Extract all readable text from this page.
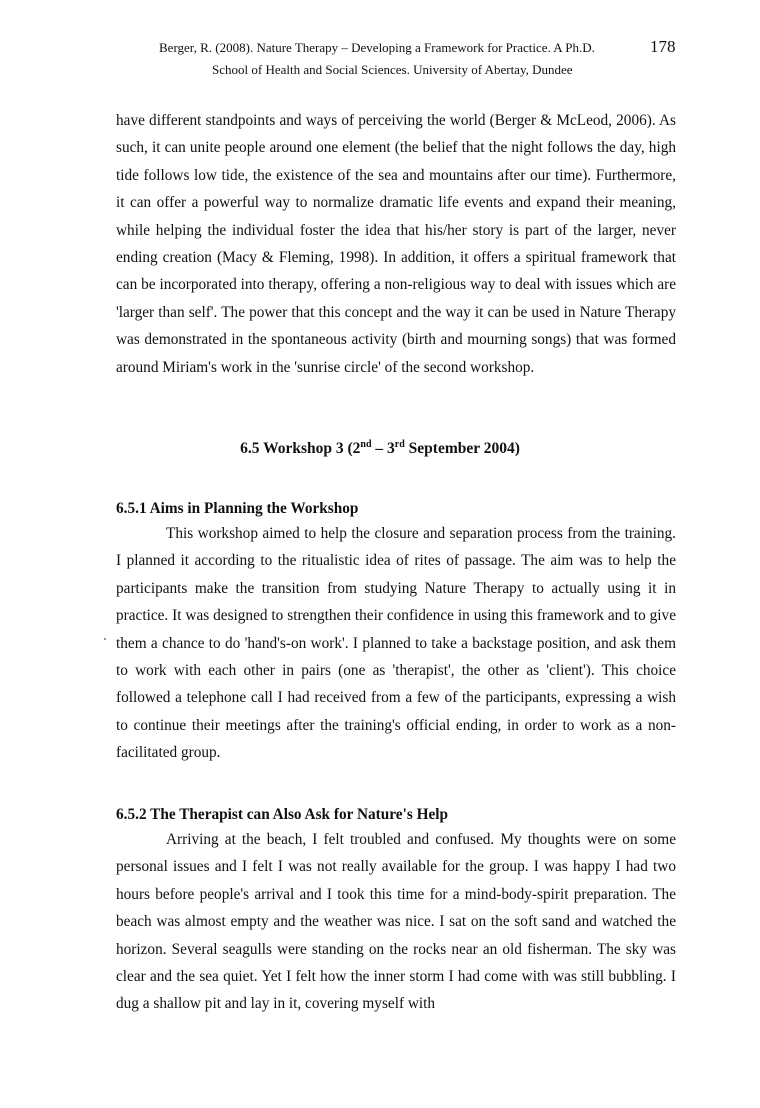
Berger, R. (2008). Nature Therapy – Developing a Framework for Practice. A Ph.D.	178
School of Health and Social Sciences. University of Abertay, Dundee
have different standpoints and ways of perceiving the world (Berger & McLeod, 2006). As such, it can unite people around one element (the belief that the night follows the day, high tide follows low tide, the existence of the sea and mountains after our time). Furthermore, it can offer a powerful way to normalize dramatic life events and expand their meaning, while helping the individual foster the idea that his/her story is part of the larger, never ending creation (Macy & Fleming, 1998). In addition, it offers a spiritual framework that can be incorporated into therapy, offering a non-religious way to deal with issues which are 'larger than self'. The power that this concept and the way it can be used in Nature Therapy was demonstrated in the spontaneous activity (birth and mourning songs) that was formed around Miriam's work in the 'sunrise circle' of the second workshop.
6.5 Workshop 3 (2nd – 3rd September 2004)
6.5.1 Aims in Planning the Workshop
This workshop aimed to help the closure and separation process from the training. I planned it according to the ritualistic idea of rites of passage. The aim was to help the participants make the transition from studying Nature Therapy to actually using it in practice. It was designed to strengthen their confidence in using this framework and to give them a chance to do 'hand's-on work'. I planned to take a backstage position, and ask them to work with each other in pairs (one as 'therapist', the other as 'client'). This choice followed a telephone call I had received from a few of the participants, expressing a wish to continue their meetings after the training's official ending, in order to work as a non-facilitated group.
6.5.2 The Therapist can Also Ask for Nature's Help
Arriving at the beach, I felt troubled and confused. My thoughts were on some personal issues and I felt I was not really available for the group. I was happy I had two hours before people's arrival and I took this time for a mind-body-spirit preparation. The beach was almost empty and the weather was nice. I sat on the soft sand and watched the horizon. Several seagulls were standing on the rocks near an old fisherman. The sky was clear and the sea quiet. Yet I felt how the inner storm I had come with was still bubbling. I dug a shallow pit and lay in it, covering myself with
